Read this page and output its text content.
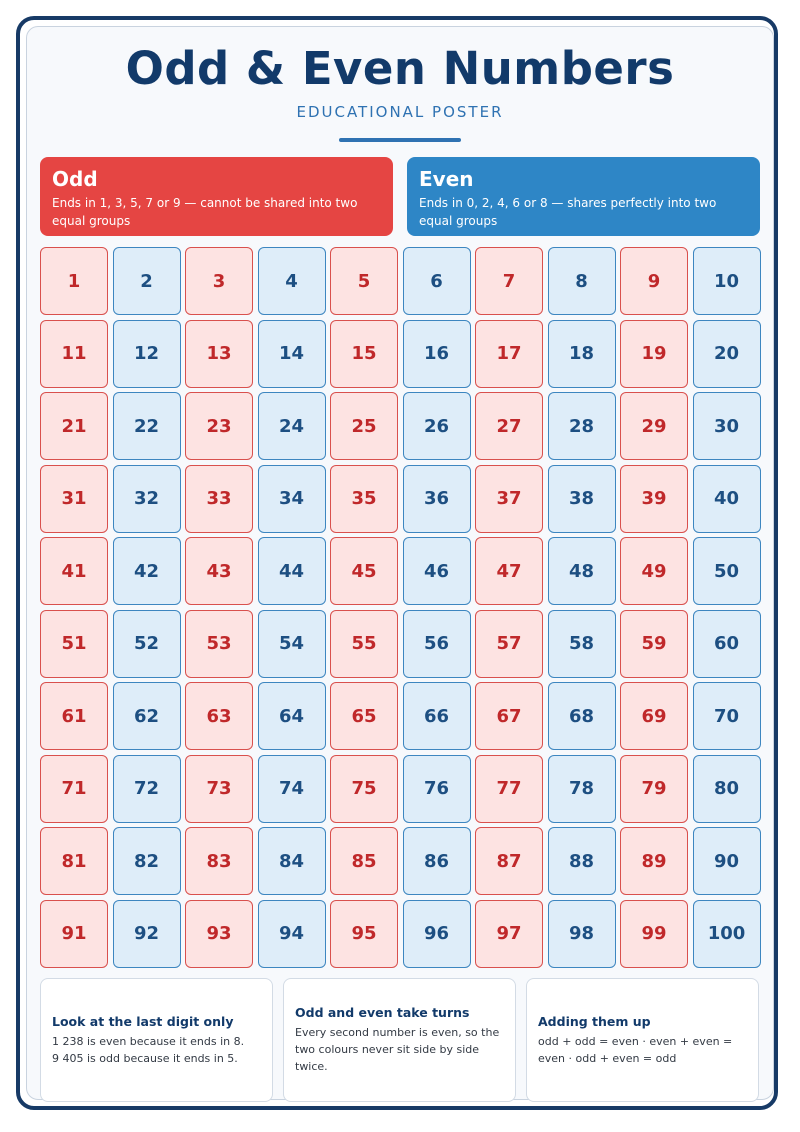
Odd & Even Numbers

EDUCATIONAL POSTER

Odd
Ends in 1, 3, 5, 7 or 9 — cannot be shared into two equal groups
Even
Ends in 0, 2, 4, 6 or 8 — shares perfectly into two equal groups
1	2	3	4	5	6	7	8	9	10
11	12	13	14	15	16	17	18	19	20
21	22	23	24	25	26	27	28	29	30
31	32	33	34	35	36	37	38	39	40
41	42	43	44	45	46	47	48	49	50
51	52	53	54	55	56	57	58	59	60
61	62	63	64	65	66	67	68	69	70
71	72	73	74	75	76	77	78	79	80
81	82	83	84	85	86	87	88	89	90
91	92	93	94	95	96	97	98	99	100
Look at the last digit only
1 238 is even because it ends in 8.
9 405 is odd because it ends in 5.
Odd and even take turns
Every second number is even, so the
two colours never sit side by side
twice.
Adding them up
odd + odd = even · even + even =
even · odd + even = odd
